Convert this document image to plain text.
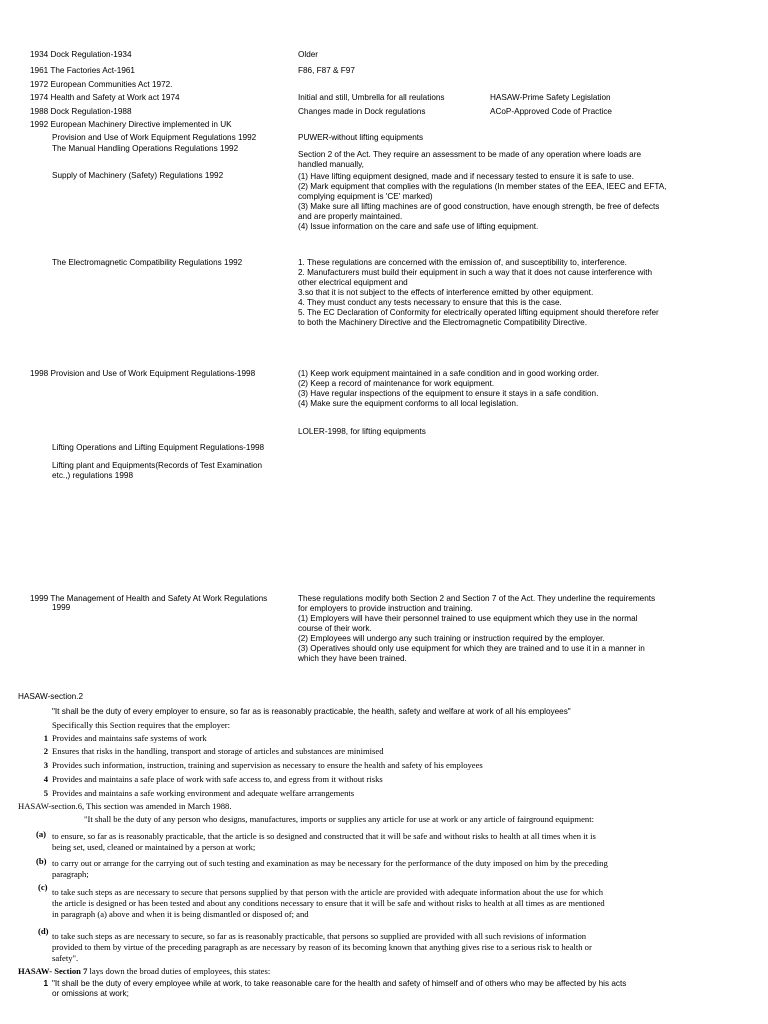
1934 Dock Regulation-1934
1961 The Factories Act-1961
1972 European Communities Act 1972.
1974 Health and Safety at Work act 1974
1988 Dock Regulation-1988
1992 European Machinery Directive implemented in UK
Provision and Use of Work Equipment Regulations 1992
The Manual Handling Operations Regulations 1992
Supply of Machinery (Safety) Regulations 1992
The Electromagnetic Compatibility Regulations 1992
1998 Provision and Use of Work Equipment Regulations-1998
Lifting Operations and Lifting Equipment Regulations-1998
Lifting plant and Equipments(Records of Test Examination
etc.,) regulations 1998
1999 The Management of Health and Safety At Work Regulations
1999
Older
F86, F87 & F97
Initial and still, Umbrella for all reulations
Changes made in Dock regulations
PUWER-without lifting equipments
LOLER-1998, for lifting equipments
HASAW-Prime Safety Legislation
ACoP-Approved Code of Practice
Section 2 of the Act. They require an assessment to be made of any operation where loads are
handled manually,
(1) Have lifting equipment designed, made and if necessary tested to ensure it is safe to use.
(2) Mark equipment that complies with the regulations (In member states of the EEA, IEEC and EFTA,
complying equipment is 'CE' marked)
(3) Make sure all lifting machines are of good construction, have enough strength, be free of defects
and are properly maintained.
(4) Issue information on the care and safe use of lifting equipment.
1. These regulations are concerned with the emission of, and susceptibility to, interference.
2. Manufacturers must build their equipment in such a way that it does not cause interference with
other electrical equipment and
3.so that it is not subject to the effects of interference emitted by other equipment.
4. They must conduct any tests necessary to ensure that this is the case.
5. The EC Declaration of Conformity for electrically operated lifting equipment should therefore refer
to both the Machinery Directive and the Electromagnetic Compatibility Directive.
(1) Keep work equipment maintained in a safe condition and in good working order.
(2) Keep a record of maintenance for work equipment.
(3) Have regular inspections of the equipment to ensure it stays in a safe condition.
(4) Make sure the equipment conforms to all local legislation.
These regulations modify both Section 2 and Section 7 of the Act. They underline the requirements
for employers to provide instruction and training.
(1) Employers will have their personnel trained to use equipment which they use in the normal
course of their work.
(2) Employees will undergo any such training or instruction required by the employer.
(3) Operatives should only use equipment for which they are trained and to use it in a manner in
which they have been trained.
HASAW-section.2
"It shall be the duty of every employer to ensure, so far as is reasonably practicable, the health, safety and welfare at work of all his employees"
Specifically this Section requires that the employer:
1 Provides and maintains safe systems of work
2 Ensures that risks in the handling, transport and storage of articles and substances are minimised
3 Provides such information, instruction, training and supervision as necessary to ensure the health and safety of his employees
4 Provides and maintains a safe place of work with safe access to, and egress from it without risks
5 Provides and maintains a safe working environment and adequate welfare arrangements
HASAW-section.6, This section was amended in March 1988.
"It shall be the duty of any person who designs, manufactures, imports or supplies any article for use at work or any article of fairground equipment:
(a) to ensure, so far as is reasonably practicable, that the article is so designed and constructed that it will be safe and without risks to health at all times when it is
being set, used, cleaned or maintained by a person at work;
(b) to carry out or arrange for the carrying out of such testing and examination as may be necessary for the performance of the duty imposed on him by the preceding
paragraph;
(c) to take such steps as are necessary to secure that persons supplied by that person with the article are provided with adequate information about the use for which
the article is designed or has been tested and about any conditions necessary to ensure that it will be safe and without risks to health at all times as are mentioned
in paragraph (a) above and when it is being dismantled or disposed of; and
(d) to take such steps as are necessary to secure, so far as is reasonably practicable, that persons so supplied are provided with all such revisions of information
provided to them by virtue of the preceding paragraph as are necessary by reason of its becoming known that anything gives rise to a serious risk to health or
safety".
HASAW- Section 7 lays down the broad duties of employees, this states:
1 "It shall be the duty of every employee while at work, to take reasonable care for the health and safety of himself and of others who may be affected by his acts
or omissions at work;
